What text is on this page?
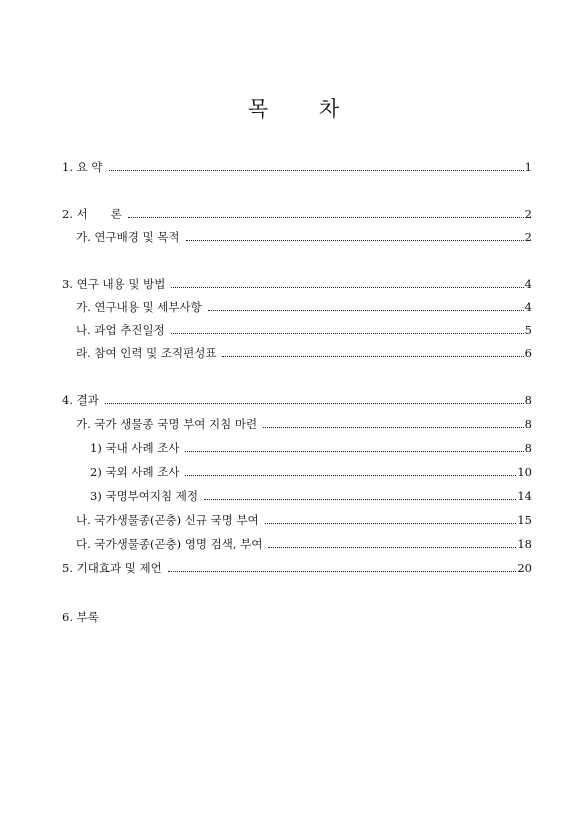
목 차
1. 요 약	1
2. 서　　론	2
가. 연구배경 및 목적	2
3. 연구 내용 및 방법	4
가. 연구내용 및 세부사항	4
나. 과업 추진일정	5
라. 참여 인력 및 조직편성표	6
4. 결과	8
가. 국가 생물종 국명 부여 지침 마련	8
1) 국내 사례 조사	8
2) 국외 사례 조사	10
3) 국명부여지침 제정	14
나. 국가생물종(곤충) 신규 국명 부여	15
다. 국가생물종(곤충) 영명 검색, 부여	18
5. 기대효과 및 제언	20
6. 부록
